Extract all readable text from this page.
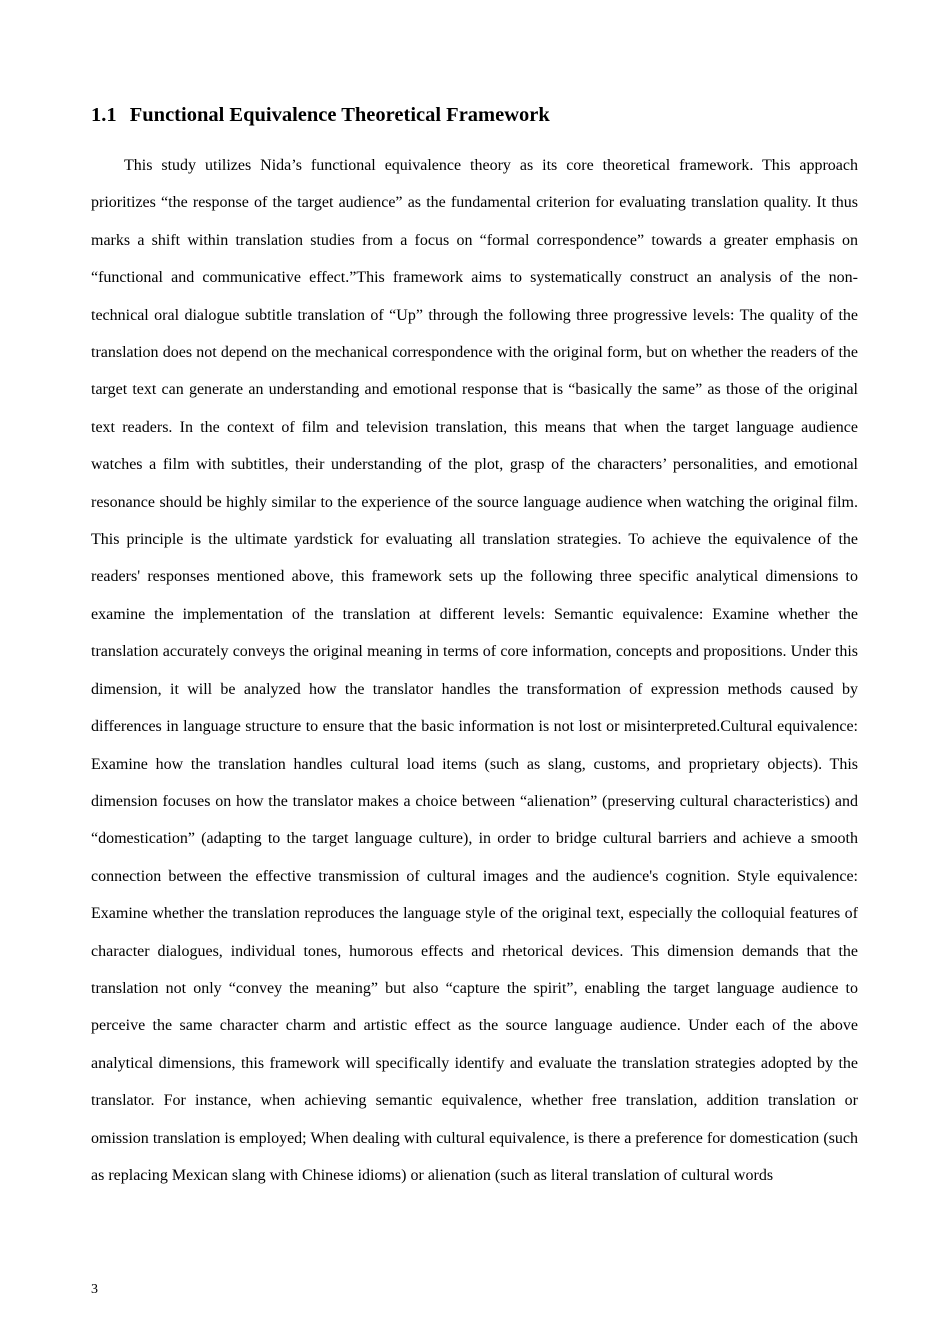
1.1 Functional Equivalence Theoretical Framework

This study utilizes Nida’s functional equivalence theory as its core theoretical framework. This approach prioritizes “the response of the target audience” as the fundamental criterion for evaluating translation quality. It thus marks a shift within translation studies from a focus on “formal correspondence” towards a greater emphasis on “functional and communicative effect.”This framework aims to systematically construct an analysis of the non-technical oral dialogue subtitle translation of “Up” through the following three progressive levels: The quality of the translation does not depend on the mechanical correspondence with the original form, but on whether the readers of the target text can generate an understanding and emotional response that is “basically the same” as those of the original text readers. In the context of film and television translation, this means that when the target language audience watches a film with subtitles, their understanding of the plot, grasp of the characters’ personalities, and emotional resonance should be highly similar to the experience of the source language audience when watching the original film. This principle is the ultimate yardstick for evaluating all translation strategies. To achieve the equivalence of the readers' responses mentioned above, this framework sets up the following three specific analytical dimensions to examine the implementation of the translation at different levels: Semantic equivalence: Examine whether the translation accurately conveys the original meaning in terms of core information, concepts and propositions. Under this dimension, it will be analyzed how the translator handles the transformation of expression methods caused by differences in language structure to ensure that the basic information is not lost or misinterpreted.Cultural equivalence: Examine how the translation handles cultural load items (such as slang, customs, and proprietary objects). This dimension focuses on how the translator makes a choice between “alienation” (preserving cultural characteristics) and “domestication” (adapting to the target language culture), in order to bridge cultural barriers and achieve a smooth connection between the effective transmission of cultural images and the audience's cognition. Style equivalence: Examine whether the translation reproduces the language style of the original text, especially the colloquial features of character dialogues, individual tones, humorous effects and rhetorical devices. This dimension demands that the translation not only “convey the meaning” but also “capture the spirit”, enabling the target language audience to perceive the same character charm and artistic effect as the source language audience. Under each of the above analytical dimensions, this framework will specifically identify and evaluate the translation strategies adopted by the translator. For instance, when achieving semantic equivalence, whether free translation, addition translation or omission translation is employed; When dealing with cultural equivalence, is there a preference for domestication (such as replacing Mexican slang with Chinese idioms) or alienation (such as literal translation of cultural words

3
